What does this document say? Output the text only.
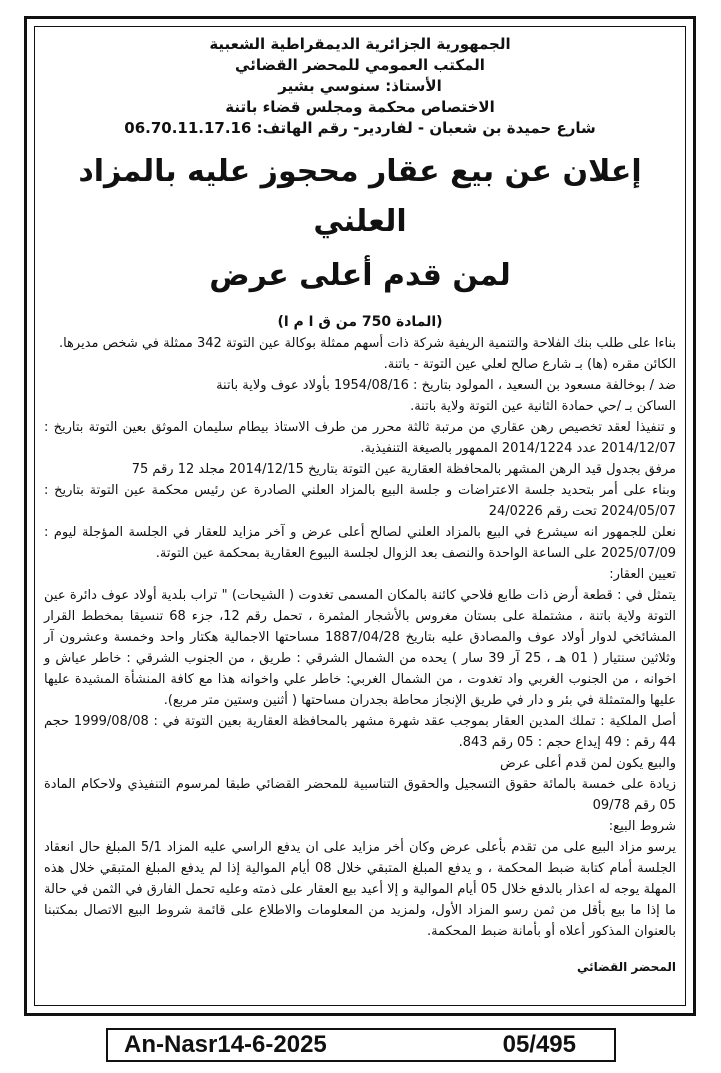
الجمهورية الجزائرية الديمقراطية الشعبية
المكتب العمومي للمحضر القضائي
الأستاذ: سنوسي بشير
الاختصاص محكمة ومجلس قضاء باتنة
شارع حميدة بن شعبان - لفاردير- رقم الهاتف: 06.70.11.17.16
إعلان عن بيع عقار محجوز عليه بالمزاد العلني
لمن قدم أعلى عرض
(المادة 750 من ق ا م ا)

بناءا على طلب بنك الفلاحة والتنمية الريفية شركة ذات أسهم ممثلة بوكالة عين التوتة 342 ممثلة في شخص مديرها.

الكائن مقره (ها) بـ شارع صالح لعلي عين التوتة - باتنة.

ضد / بوخالفة مسعود بن السعيد ، المولود بتاريخ : 1954/08/16 بأولاد عوف ولاية باتنة

الساكن بـ /حي حمادة الثانية عين التوتة ولاية باتنة.

و تنفيذا لعقد تخصيص رهن عقاري من مرتبة ثالثة محرر من طرف الاستاذ بيطام سليمان الموثق بعين التوتة بتاريخ : 2014/12/07 عدد 2014/1224 الممهور بالصيغة التنفيذية.

مرفق بجدول قيد الرهن المشهر بالمحافظة العقارية عين التوتة بتاريخ 2014/12/15 مجلد 12 رقم 75

وبناء على أمر بتحديد جلسة الاعتراضات و جلسة البيع بالمزاد العلني الصادرة عن رئيس محكمة عين التوتة بتاريخ : 2024/05/07 تحت رقم 24/0226

نعلن للجمهور انه سيشرع في البيع بالمزاد العلني لصالح أعلى عرض و آخر مزايد للعقار في الجلسة المؤجلة ليوم : 2025/07/09 على الساعة الواحدة والنصف بعد الزوال لجلسة البيوع العقارية بمحكمة عين التوتة.

تعيين العقار:

يتمثل في : قطعة أرض ذات طابع فلاحي كائنة بالمكان المسمى تغدوت ( الشيحات) " تراب بلدية أولاد عوف دائرة عين التوتة ولاية باتنة ، مشتملة على بستان مغروس بالأشجار المثمرة ، تحمل رقم 12، جزء 68 تنسيقا بمخطط القرار المشائخي لدوار أولاد عوف والمصادق عليه بتاريخ 1887/04/28 مساحتها الاجمالية هكتار واحد وخمسة وعشرون آر وثلاثين سنتيار ( 01 هـ ، 25 آر 39 سار ) يحده من الشمال الشرقي : طريق ، من الجنوب الشرقي : خاطر عياش و اخوانه ، من الجنوب الغربي واد تغدوت ، من الشمال الغربي: خاطر علي واخوانه هذا مع كافة المنشأة المشيدة عليها عليها والمتمثلة في بئر و دار في طريق الإنجاز محاطة بجدران مساحتها ( أثنين وستين متر مربع).

أصل الملكية : تملك المدين العقار بموجب عقد شهرة مشهر بالمحافظة العقارية بعين التوتة في : 1999/08/08 حجم 44 رقم : 49 إيداع حجم : 05 رقم 843.

والبيع يكون لمن قدم أعلى عرض

زيادة على خمسة بالمائة حقوق التسجيل والحقوق التناسبية للمحضر القضائي طبقا لمرسوم التنفيذي ولاحكام المادة 05 رقم 09/78

شروط البيع:

يرسو مزاد البيع على من تقدم بأعلى عرض وكان أخر مزايد على ان يدفع الراسي عليه المزاد 5/1 المبلغ حال انعقاد الجلسة أمام كتابة ضبط المحكمة ، و يدفع المبلغ المتبقي خلال 08 أيام الموالية إذا لم يدفع المبلغ المتبقي خلال هذه المهلة يوجه له اعذار بالدفع خلال 05 أيام الموالية و إلا أعيد بيع العقار على ذمته وعليه تحمل الفارق في الثمن في حالة ما إذا ما بيع بأقل من ثمن رسو المزاد الأول، ولمزيد من المعلومات والاطلاع على قائمة شروط البيع الاتصال بمكتبنا بالعنوان المذكور أعلاه أو بأمانة ضبط المحكمة.

المحضر القضائي
An-Nasr14-6-2025	05/495
